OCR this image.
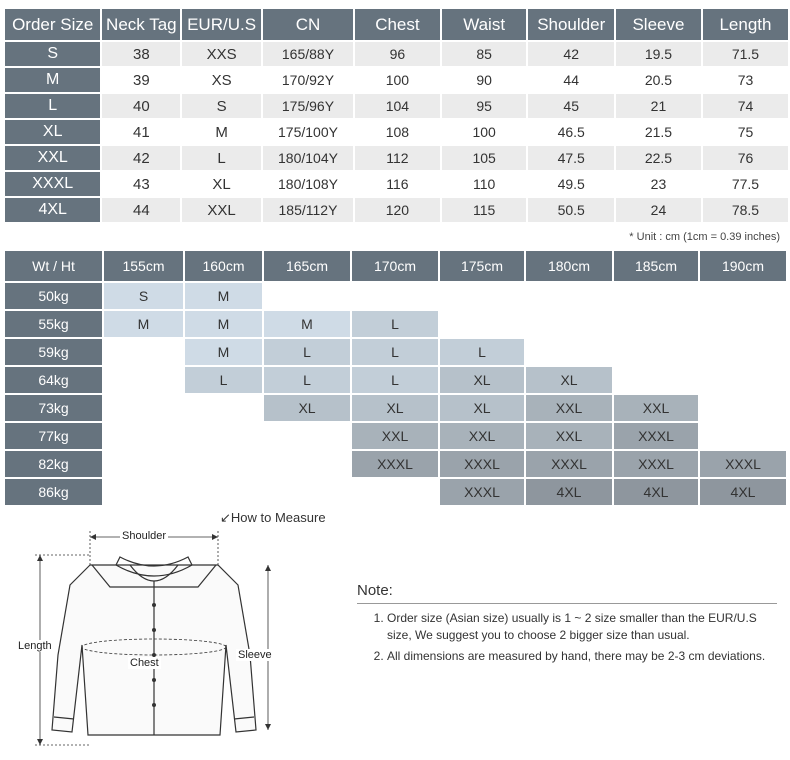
Order Size	Neck Tag	EUR/U.S	CN	Chest	Waist	Shoulder	Sleeve	Length
S	38	XXS	165/88Y	96	85	42	19.5	71.5
M	39	XS	170/92Y	100	90	44	20.5	73
L	40	S	175/96Y	104	95	45	21	74
XL	41	M	175/100Y	108	100	46.5	21.5	75
XXL	42	L	180/104Y	112	105	47.5	22.5	76
XXXL	43	XL	180/108Y	116	110	49.5	23	77.5
4XL	44	XXL	185/112Y	120	115	50.5	24	78.5
* Unit : cm (1cm = 0.39 inches)
Wt / Ht	155cm	160cm	165cm	170cm	175cm	180cm	185cm	190cm
50kg	S	M						
55kg	M	M	M	L				
59kg		M	L	L	L			
64kg		L	L	L	XL	XL		
73kg			XL	XL	XL	XXL	XXL	
77kg				XXL	XXL	XXL	XXXL	
82kg				XXXL	XXXL	XXXL	XXXL	XXXL
86kg					XXXL	4XL	4XL	4XL
↙How to Measure
Shoulder
Length
Chest
Sleeve
Note:
1. Order size (Asian size) usually is 1 ~ 2 size smaller than the EUR/U.S size, We suggest you to choose 2 bigger size than usual.
2. All dimensions are measured by hand, there may be 2-3 cm deviations.
